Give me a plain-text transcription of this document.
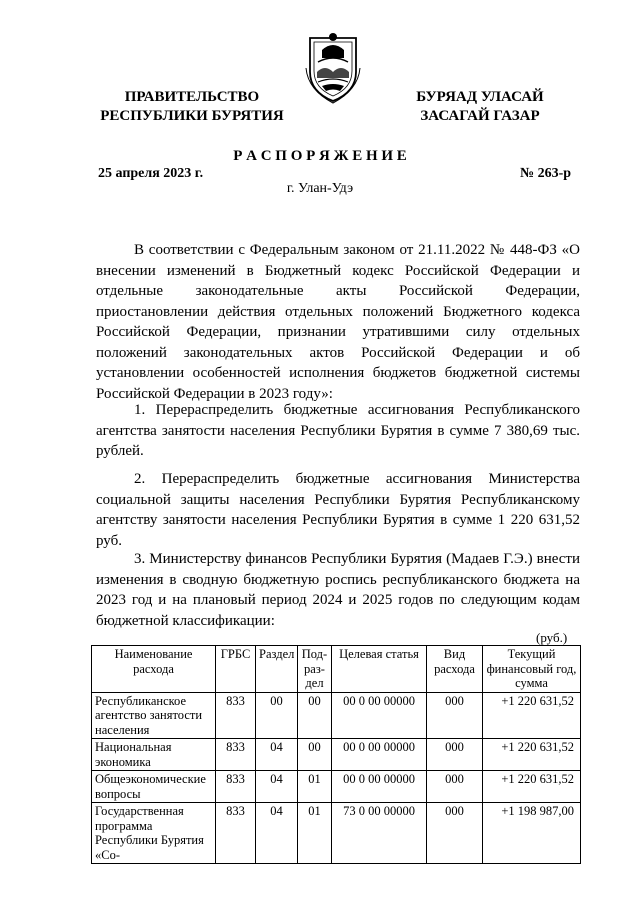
ПРАВИТЕЛЬСТВО
РЕСПУБЛИКИ БУРЯТИЯ
БУРЯАД УЛАСАЙ
ЗАСАГАЙ ГАЗАР
Р А С П О Р Я Ж Е Н И Е
25 апреля 2023 г.	№ 263-р
г. Улан-Удэ
В соответствии с Федеральным законом от 21.11.2022 № 448-ФЗ «О внесении изменений в Бюджетный кодекс Российской Федерации и отдельные законодательные акты Российской Федерации, приостановлении действия отдельных положений Бюджетного кодекса Российской Федерации, признании утратившими силу отдельных положений законодательных актов Российской Федерации и об установлении особенностей исполнения бюджетов бюджетной системы Российской Федерации в 2023 году»:
1. Перераспределить бюджетные ассигнования Республиканского агентства занятости населения Республики Бурятия в сумме 7 380,69 тыс. рублей.
2. Перераспределить бюджетные ассигнования Министерства социальной защиты населения Республики Бурятия Республиканскому агентству занятости населения Республики Бурятия в сумме 1 220 631,52 руб.
3. Министерству финансов Республики Бурятия (Мадаев Г.Э.) внести изменения в сводную бюджетную роспись республиканского бюджета на 2023 год и на плановый период 2024 и 2025 годов по следующим кодам бюджетной классификации:
(руб.)
Наименование расхода	ГРБС	Раздел	Под-раз-дел	Целевая статья	Вид расхода	Текущий финансовый год, сумма
Республиканское агентство занятости населения	833	00	00	00 0 00 00000	000	+1 220 631,52
Национальная экономика	833	04	00	00 0 00 00000	000	+1 220 631,52
Общеэкономические вопросы	833	04	01	00 0 00 00000	000	+1 220 631,52
Государственная программа Республики Бурятия «Со-	833	04	01	73 0 00 00000	000	+1 198 987,00
